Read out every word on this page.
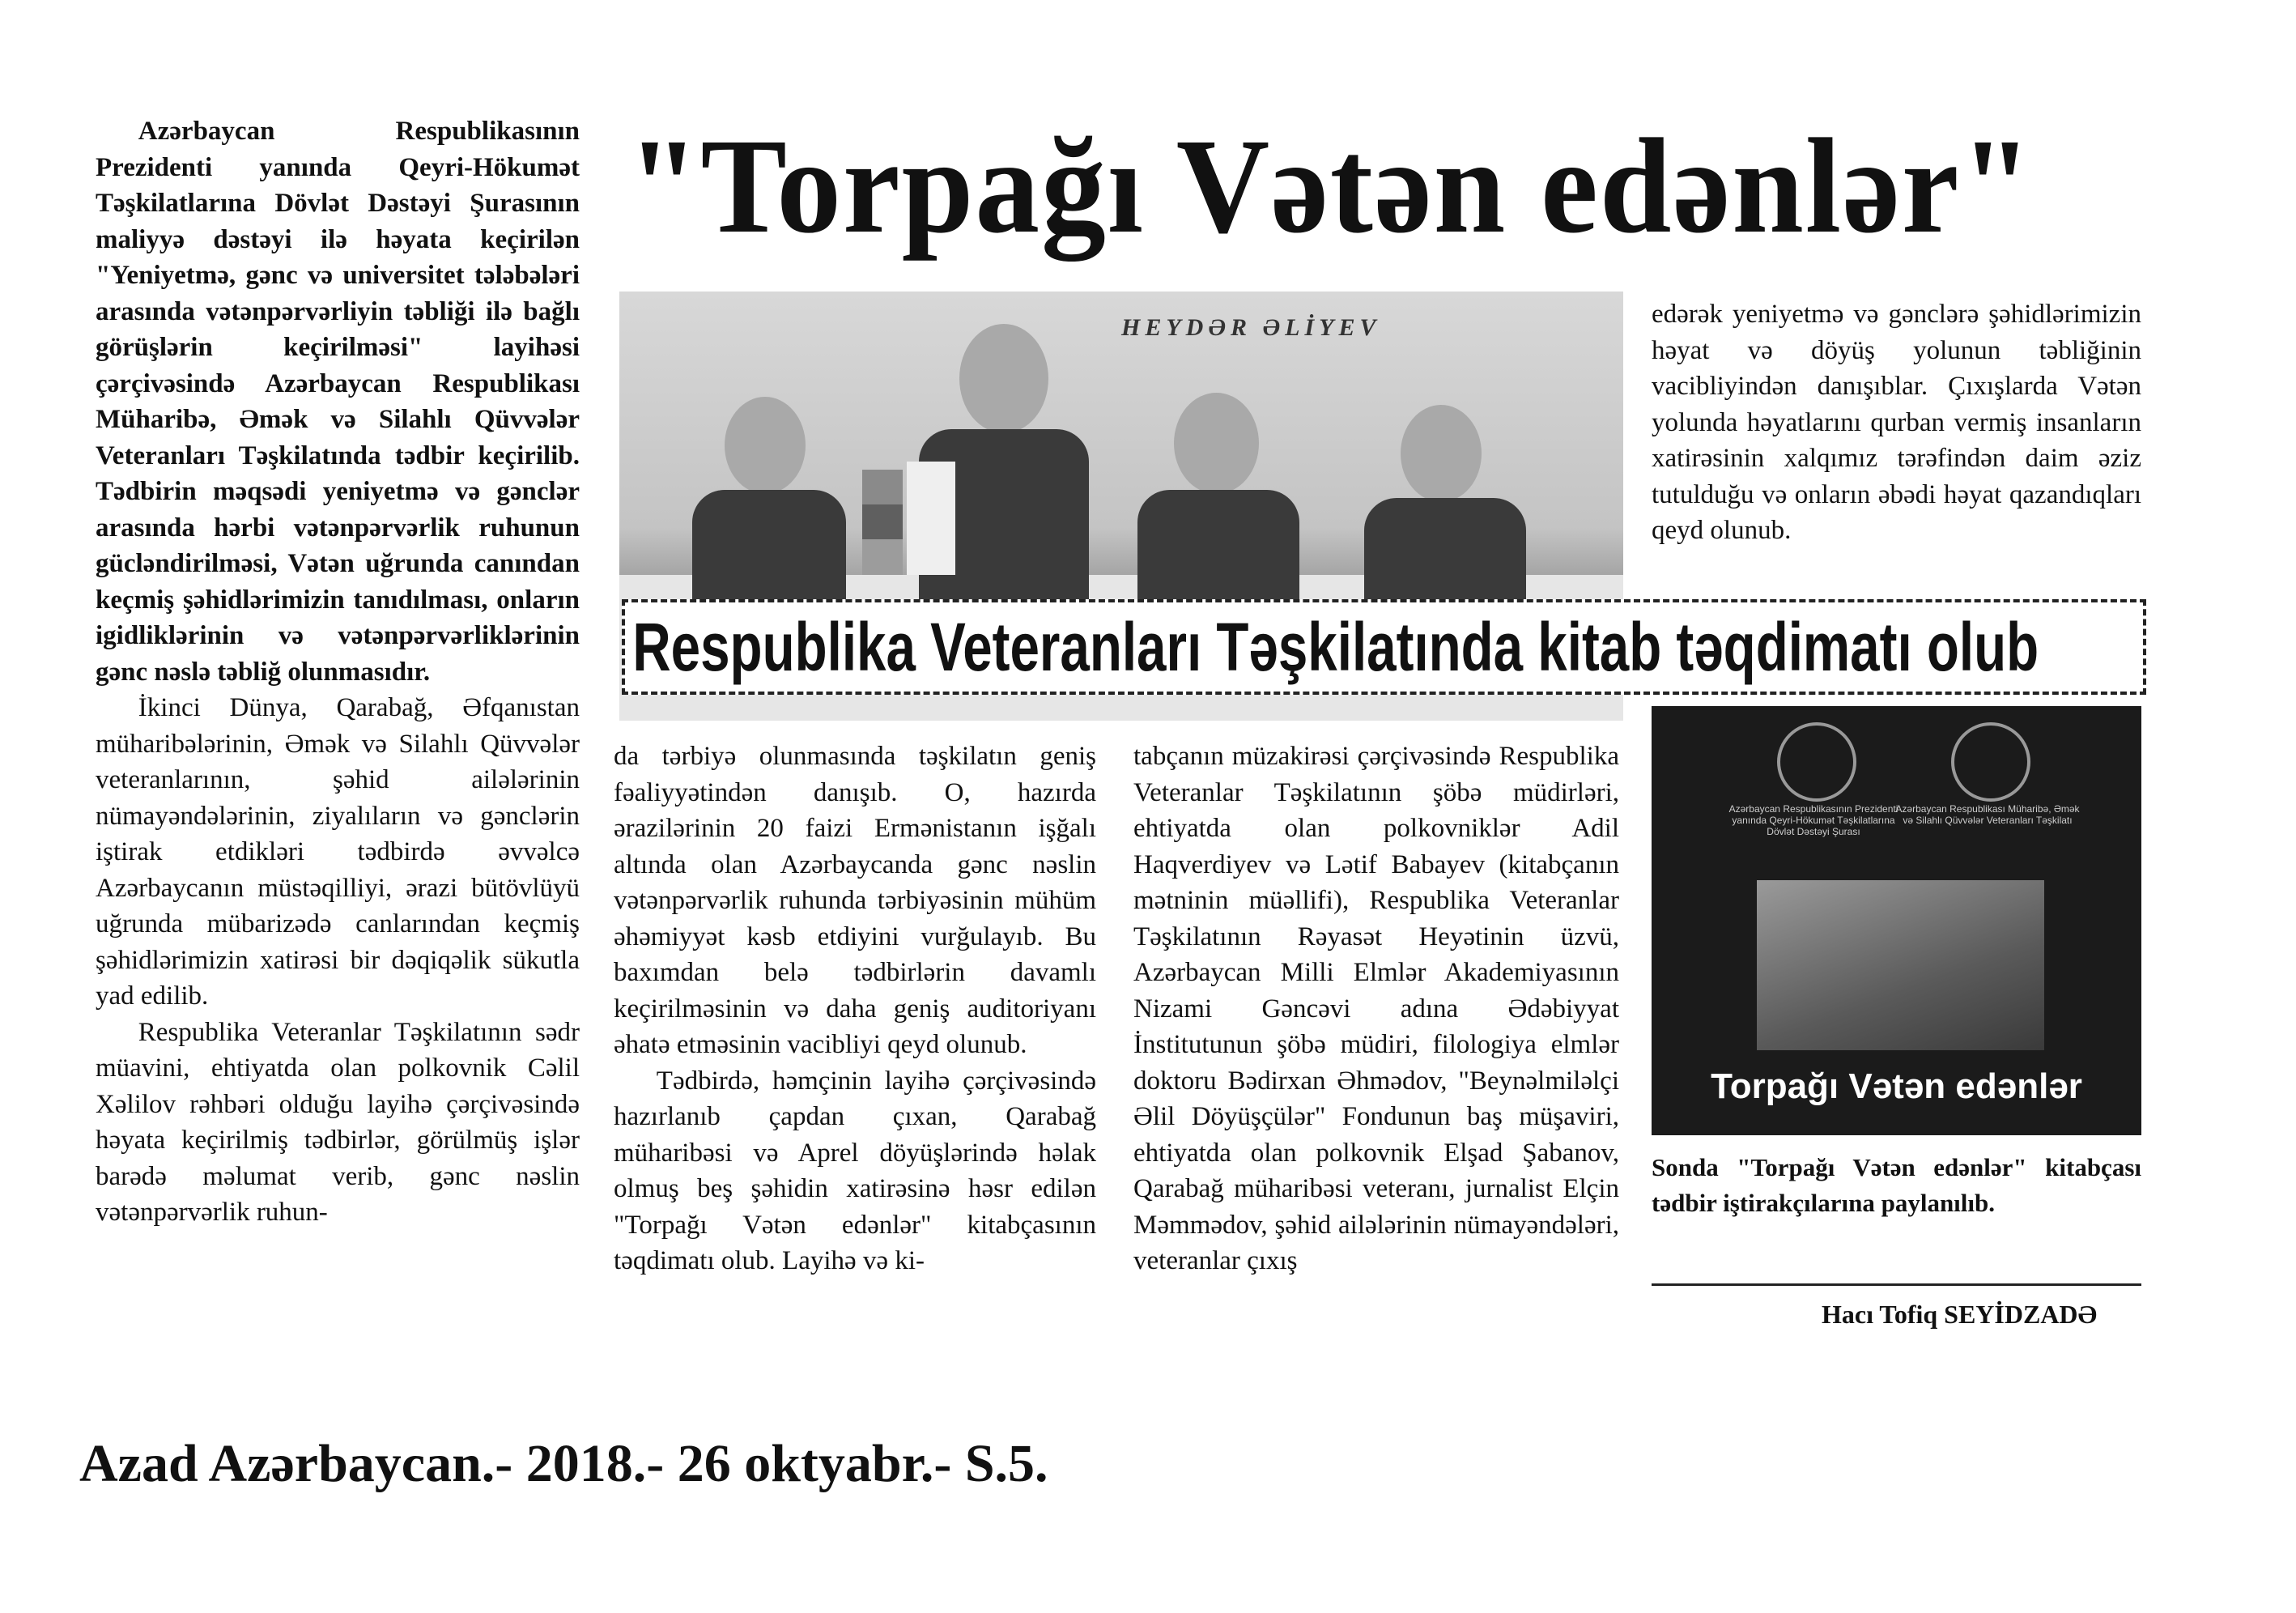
"Torpağı Vətən edənlər"

Azərbaycan Respublikasının Prezidenti yanında Qeyri-Hökumət Təşkilatlarına Dövlət Dəstəyi Şurasının maliyyə dəstəyi ilə həyata keçirilən "Yeniyetmə, gənc və universitet tələbələri arasında vətənpərvərliyin təbliği ilə bağlı görüşlərin keçirilməsi" layihəsi çərçivəsində Azərbaycan Respublikası Müharibə, Əmək və Silahlı Qüvvələr Veteranları Təşkilatında tədbir keçirilib. Tədbirin məqsədi yeniyetmə və gənclər arasında hərbi vətənpərvərlik ruhunun gücləndirilməsi, Vətən uğrunda canından keçmiş şəhidlərimizin tanıdılması, onların igidliklərinin və vətənpərvərliklərinin gənc nəslə təbliğ olunmasıdır.

İkinci Dünya, Qarabağ, Əfqanıstan müharibələrinin, Əmək və Silahlı Qüvvələr veteranlarının, şəhid ailələrinin nümayəndələrinin, ziyalıların və gənclərin iştirak etdikləri tədbirdə əvvəlcə Azərbaycanın müstəqilliyi, ərazi bütövlüyü uğrunda mübarizədə canlarından keçmiş şəhidlərimizin xatirəsi bir dəqiqəlik sükutla yad edilib.

Respublika Veteranlar Təşkilatının sədr müavini, ehtiyatda olan polkovnik Cəlil Xəlilov rəhbəri olduğu layihə çərçivəsində həyata keçirilmiş tədbirlər, görülmüş işlər barədə məlumat verib, gənc nəslin vətənpərvərlik ruhun-

HEYDƏR ƏLİYEV
Respublika Veteranları Təşkilatında kitab təqdimatı olub

edərək yeniyetmə və gənclərə şəhidlərimizin həyat və döyüş yolunun təbliğinin vacibliyindən danışıblar. Çıxışlarda Vətən yolunda həyatlarını qurban vermiş insanların xatirəsinin xalqımız tərəfindən daim əziz tutulduğu və onların əbədi həyat qazandıqları qeyd olunub.

da tərbiyə olunmasında təşkilatın geniş fəaliyyətindən danışıb. O, hazırda ərazilərinin 20 faizi Ermənistanın işğalı altında olan Azərbaycanda gənc nəslin vətənpərvərlik ruhunda tərbiyəsinin mühüm əhəmiyyət kəsb etdiyini vurğulayıb. Bu baxımdan belə tədbirlərin davamlı keçirilməsinin və daha geniş auditoriyanı əhatə etməsinin vacibliyi qeyd olunub.

Tədbirdə, həmçinin layihə çərçivəsində hazırlanıb çapdan çıxan, Qarabağ müharibəsi və Aprel döyüşlərində həlak olmuş beş şəhidin xatirəsinə həsr edilən "Torpağı Vətən edənlər" kitabçasının təqdimatı olub. Layihə və ki-

tabçanın müzakirəsi çərçivəsində Respublika Veteranlar Təşkilatının şöbə müdirləri, ehtiyatda olan polkovniklər Adil Haqverdiyev və Lətif Babayev (kitabçanın mətninin müəllifi), Respublika Veteranlar Təşkilatının Rəyasət Heyətinin üzvü, Azərbaycan Milli Elmlər Akademiyasının Nizami Gəncəvi adına Ədəbiyyat İnstitutunun şöbə müdiri, filologiya elmlər doktoru Bədirxan Əhmədov, "Beynəlmiləlçi Əlil Döyüşçülər" Fondunun baş müşaviri, ehtiyatda olan polkovnik Elşad Şabanov, Qarabağ müharibəsi veteranı, jurnalist Elçin Məmmədov, şəhid ailələrinin nümayəndələri, veteranlar çıxış

Azərbaycan Respublikasının Prezidenti yanında Qeyri-Hökumət Təşkilatlarına Dövlət Dəstəyi Şurası
Azərbaycan Respublikası Müharibə, Əmək və Silahlı Qüvvələr Veteranları Təşkilatı
Torpağı Vətən edənlər
Sonda "Torpağı Vətən edənlər" kitabçası tədbir iştirakçılarına paylanılıb.
Hacı Tofiq SEYİDZADƏ
Azad Azərbaycan.- 2018.- 26 oktyabr.- S.5.
